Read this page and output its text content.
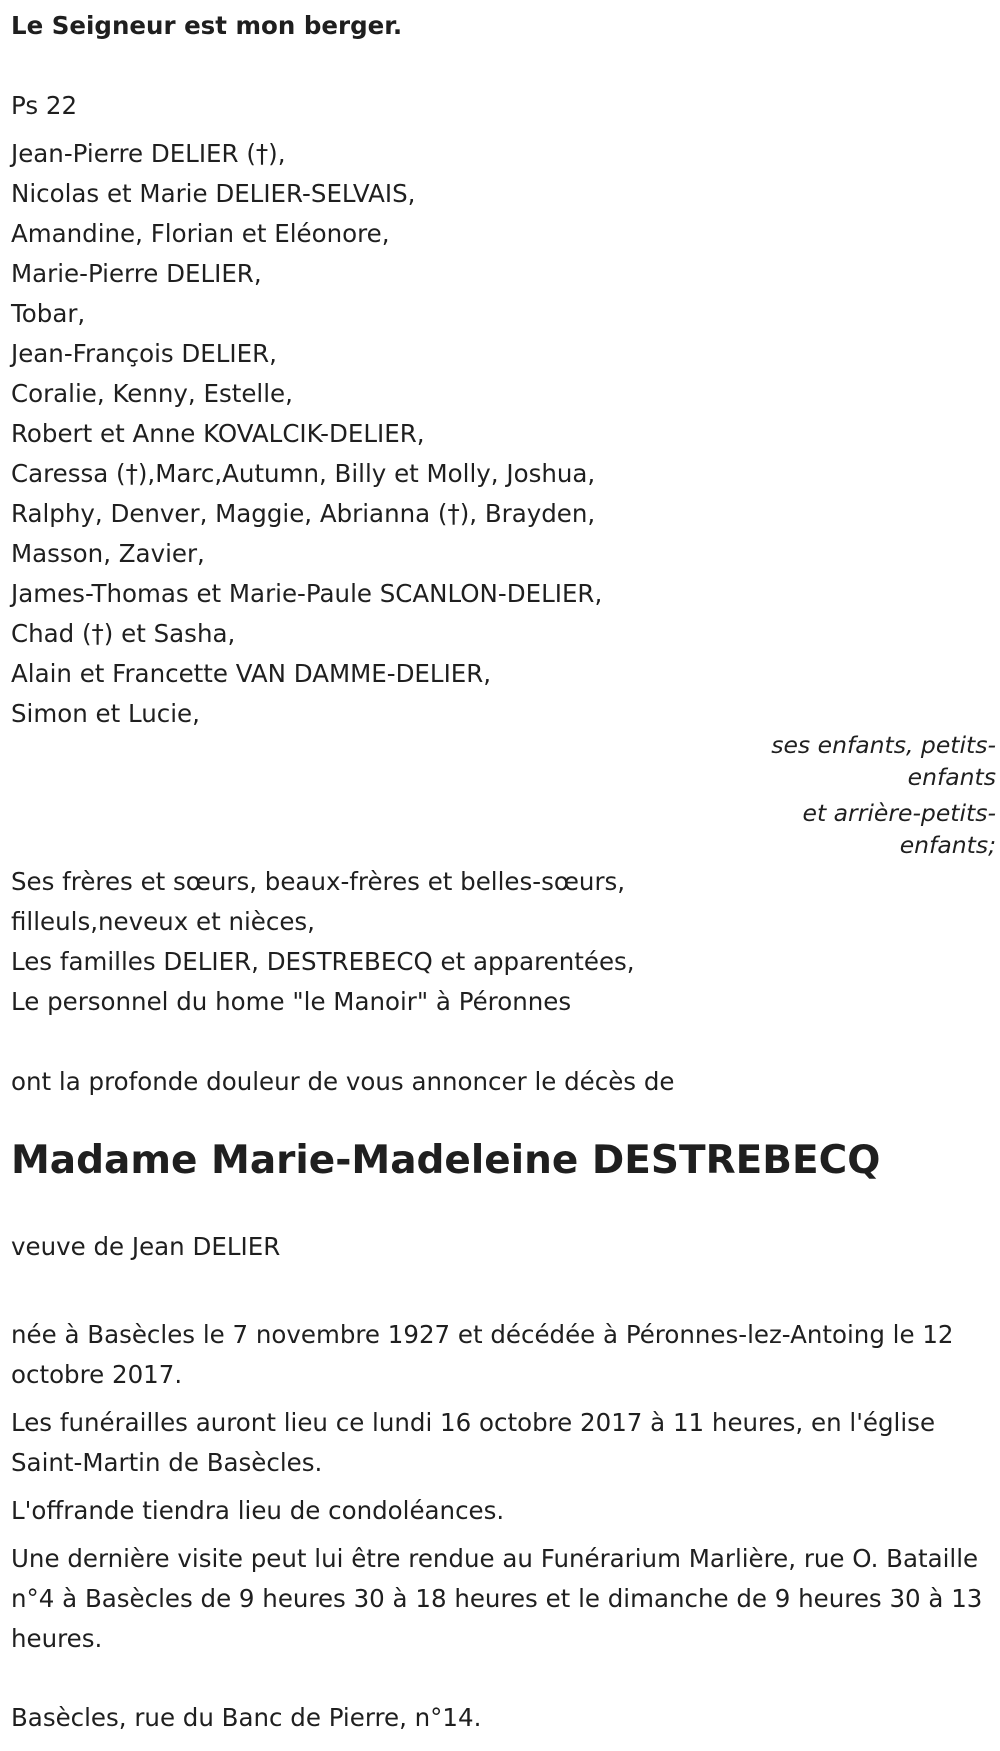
Le Seigneur est mon berger.
Ps 22
Jean-Pierre DELIER (†),
Nicolas et Marie DELIER-SELVAIS,
Amandine, Florian et Eléonore,
Marie-Pierre DELIER,
Tobar,
Jean-François DELIER,
Coralie, Kenny, Estelle,
Robert et Anne KOVALCIK-DELIER,
Caressa (†),Marc,Autumn, Billy et Molly, Joshua,
Ralphy, Denver, Maggie, Abrianna (†), Brayden,
Masson, Zavier,
James-Thomas et Marie-Paule SCANLON-DELIER,
Chad (†) et Sasha,
Alain et Francette VAN DAMME-DELIER,
Simon et Lucie,
ses enfants, petits-
enfants
et arrière-petits-
enfants;
Ses frères et sœurs, beaux-frères et belles-sœurs,
filleuls,neveux et nièces,
Les familles DELIER, DESTREBECQ et apparentées,
Le personnel du home "le Manoir" à Péronnes
ont la profonde douleur de vous annoncer le décès de
Madame Marie-Madeleine DESTREBECQ
veuve de Jean DELIER
née à Basècles le 7 novembre 1927 et décédée à Péronnes-lez-Antoing le 12 octobre 2017.
Les funérailles auront lieu ce lundi 16 octobre 2017 à 11 heures, en l'église Saint-Martin de Basècles.
L'offrande tiendra lieu de condoléances.
Une dernière visite peut lui être rendue au Funérarium Marlière, rue O. Bataille n°4 à Basècles de 9 heures 30 à 18 heures et le dimanche de 9 heures 30 à 13 heures.
Basècles, rue du Banc de Pierre, n°14.
